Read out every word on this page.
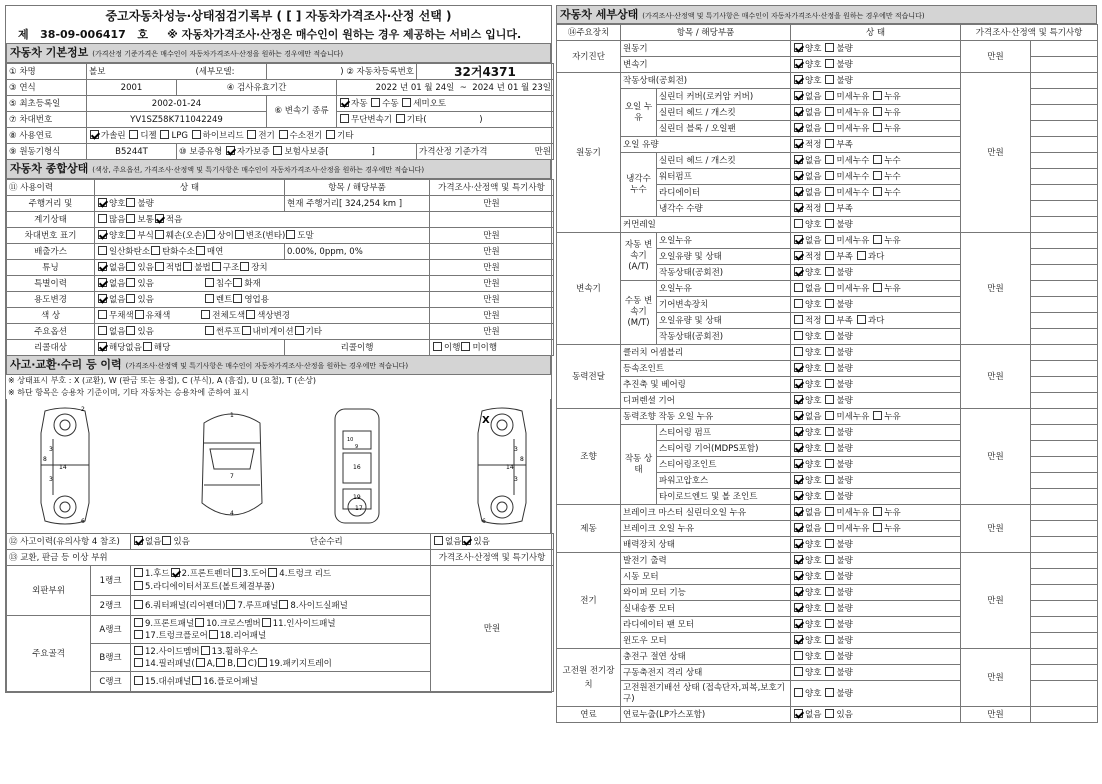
중고자동차성능·상태점검기록부 ( [ ] 자동차가격조사·산정 선택 )
제 38-09-006417 호 ※ 자동차가격조사·산정은 매수인이 원하는 경우 제공하는 서비스 입니다.
자동차 기본정보 (가격산정 기준가격은 매수인이 자동차가격조사·산정을 원하는 경우에만 적습니다)
① 차명	볼보 (세부모델:		) ② 자동차등록번호		32거4371
③ 연식	2001	④ 검사유효기간		2022 년 01 월 24일 ~ 2024 년 01 월 23일	
⑤ 최초등록일	2002-01-24		⑥ 변속기 종류	자동 수동 세미오토	
⑦ 차대번호	YV1SZ58K711042249			무단변속기 기타( )	
⑧ 사용연료	가솔린 디젤 LPG 하이브리드 전기 수소전기 기타				
⑨ 원동기형식	B5244T	⑩ 보증유형 자가보증 보험사보증[ ]			가격산정 기준가격 만원
자동차 종합상태 (색상, 주요옵션, 가격조사·산정액 및 특기사항은 매수인이 자동차가격조사·산정을 원하는 경우에만 적습니다)
⑪ 사용이력	상 태	항목 / 해당부품	가격조사·산정액 및 특기사항
주행거리 및	양호 불량	현재 주행거리[ 324,254 km ]	만원
계기상태	많음 보통 적음		
차대번호 표기	양호 부식 훼손(오손) 상이 변조(변타) 도말		만원
배출가스	일산화탄소 탄화수소 매연	0.00%, 0ppm, 0%	만원
튜닝	없음 있음 적법 불법 구조 장치		만원
특별이력	없음 있음 침수 화재		만원
용도변경	없음 있음 렌트 영업용		만원
색 상	무채색 유채색 전체도색 색상변경		만원
주요옵션	없음 있음 썬루프 내비게이션 기타		만원
리콜대상	해당없음 해당	리콜이행	이행 미이행
사고·교환·수리 등 이력 (가격조사·산정액 및 특기사항은 매수인이 자동차가격조사·산정을 원하는 경우에만 적습니다)
※ 상태표시 부호 : X (교환), W (판금 또는 용접), C (부식), A (흠집), U (요철), T (손상)
※ 하단 항목은 승용차 기준이며, 기타 자동차는 승용차에 준하여 표시
2
3
3
8
14
6
1
7
4
10
16
19
17
9	3
3
8
14
6
X
⑫ 사고이력(유의사항 4 참조)		없음 있음 단순수리	없음 있음
⑬ 교환, 판금 등 이상 부위			가격조사·산정액 및 특기사항
외판부위	1랭크	1.후드 2.프론트펜더 3.도어 4.트렁크 리드
5.라디에이터서포트(볼트체결부품)	만원
	2랭크	6.쿼터패널(리어펜더) 7.루프패널 8.사이드실패널	
주요골격	A랭크	9.프론트패널 10.크로스멤버 11.인사이드패널
17.트렁크플로어 18.리어패널	

	B랭크	12.사이드멤버 13.휠하우스
14.필러패널( A, B, C) 19.패키지트레이	

	C랭크	15.대쉬패널 16.플로어패널	
자동차 세부상태 (가격조사·산정액 및 특기사항은 매수인이 자동차가격조사·산정을 원하는 경우에만 적습니다)
⑭주요장치	항목 / 해당부품		상 태	가격조사·산정액 및 특기사항	
자기진단	원동기		양호 불량	만원	
	변속기		양호 불량		
원동기	작동상태(공회전)		양호 불량	만원	
	오일 누유	실린더 커버(로커암 커버)	없음 미세누유 누유		
		실린더 헤드 / 개스킷	없음 미세누유 누유		
		실린더 블록 / 오일팬	없음 미세누유 누유		
	오일 유량		적정 부족		
	냉각수 누수	실린더 헤드 / 개스킷	없음 미세누수 누수		
		워터펌프	없음 미세누수 누수		
		라디에이터	없음 미세누수 누수		
		냉각수 수량	적정 부족		
	커먼레일		양호 불량		
변속기	자동 변속기 (A/T)	오일누유	없음 미세누유 누유	만원	
		오일유량 및 상태	적정 부족 과다		
		작동상태(공회전)	양호 불량		
	수동 변속기 (M/T)	오일누유	없음 미세누유 누유		
		기어변속장치	양호 불량		
		오일유량 및 상태	적정 부족 과다		
		작동상태(공회전)	양호 불량		
동력전달	클러치 어셈블리		양호 불량	만원	
	등속조인트		양호 불량		
	추진축 및 베어링		양호 불량		
	디퍼렌셜 기어		양호 불량		
조향	동력조향 작동 오일 누유		없음 미세누유 누유	만원	
	작동 상태	스티어링 펌프	양호 불량		
		스티어링 기어(MDPS포함)	양호 불량		
		스티어링조인트	양호 불량		
		파워고압호스	양호 불량		
		타이로드엔드 및 볼 조인트	양호 불량		
제동	브레이크 마스터 실린더오일 누유		없음 미세누유 누유	만원	
	브레이크 오일 누유		없음 미세누유 누유		
	배력장치 상태		양호 불량		
전기	발전기 출력		양호 불량	만원	
	시동 모터		양호 불량		
	와이퍼 모터 기능		양호 불량		
	실내송풍 모터		양호 불량		
	라디에이터 팬 모터		양호 불량		
	윈도우 모터		양호 불량		
고전원 전기장치	충전구 절연 상태		양호 불량	만원	
	구동축전지 격리 상태		양호 불량		
	고전원전기배선 상태 (접속단자,피복,보호기구)		양호 불량		
연료	연료누출(LP가스포함)		없음 있음	만원	
